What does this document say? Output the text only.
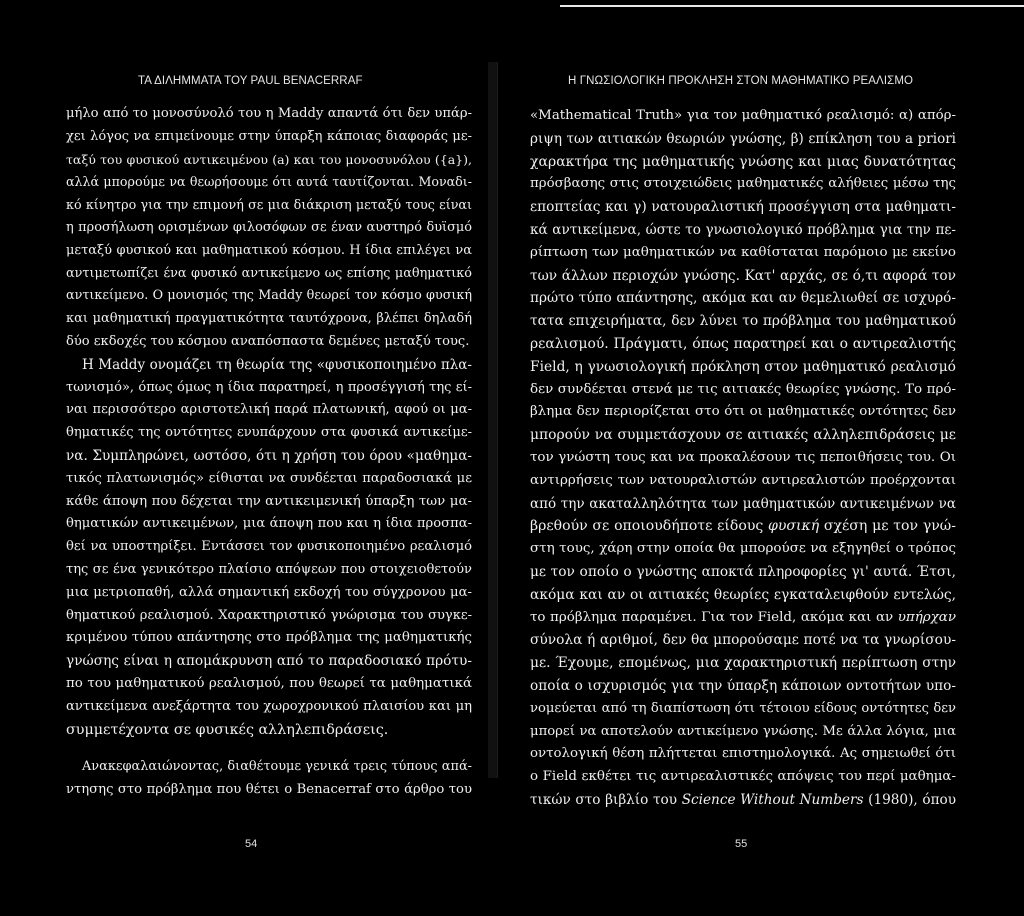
ΤΑ ΔΙΛΗΜΜΑΤΑ ΤΟΥ PAUL BENACERRAF
μήλο από το μονοσύνολό του η Maddy απαντά ότι δεν υπάρ-
χει λόγος να επιμείνουμε στην ύπαρξη κάποιας διαφοράς με-
ταξύ του φυσικού αντικειμένου (a) και του μονοσυνόλου ({a}),
αλλά μπορούμε να θεωρήσουμε ότι αυτά ταυτίζονται. Μοναδι-
κό κίνητρο για την επιμονή σε μια διάκριση μεταξύ τους είναι
η προσήλωση ορισμένων φιλοσόφων σε έναν αυστηρό δυϊσμό
μεταξύ φυσικού και μαθηματικού κόσμου. Η ίδια επιλέγει να
αντιμετωπίζει ένα φυσικό αντικείμενο ως επίσης μαθηματικό
αντικείμενο. Ο μονισμός της Maddy θεωρεί τον κόσμο φυσική
και μαθηματική πραγματικότητα ταυτόχρονα, βλέπει δηλαδή
δύο εκδοχές του κόσμου αναπόσπαστα δεμένες μεταξύ τους.
Η Maddy ονομάζει τη θεωρία της «φυσικοποιημένο πλα-
τωνισμό», όπως όμως η ίδια παρατηρεί, η προσέγγισή της εί-
ναι περισσότερο αριστοτελική παρά πλατωνική, αφού οι μα-
θηματικές της οντότητες ενυπάρχουν στα φυσικά αντικείμε-
να. Συμπληρώνει, ωστόσο, ότι η χρήση του όρου «μαθημα-
τικός πλατωνισμός» είθισται να συνδέεται παραδοσιακά με
κάθε άποψη που δέχεται την αντικειμενική ύπαρξη των μα-
θηματικών αντικειμένων, μια άποψη που και η ίδια προσπα-
θεί να υποστηρίξει. Εντάσσει τον φυσικοποιημένο ρεαλισμό
της σε ένα γενικότερο πλαίσιο απόψεων που στοιχειοθετούν
μια μετριοπαθή, αλλά σημαντική εκδοχή του σύγχρονου μα-
θηματικού ρεαλισμού. Χαρακτηριστικό γνώρισμα του συγκε-
κριμένου τύπου απάντησης στο πρόβλημα της μαθηματικής
γνώσης είναι η απομάκρυνση από το παραδοσιακό πρότυ-
πο του μαθηματικού ρεαλισμού, που θεωρεί τα μαθηματικά
αντικείμενα ανεξάρτητα του χωροχρονικού πλαισίου και μη
συμμετέχοντα σε φυσικές αλληλεπιδράσεις.
Ανακεφαλαιώνοντας, διαθέτουμε γενικά τρεις τύπους απά-
ντησης στο πρόβλημα που θέτει ο Benacerraf στο άρθρο του
54
Η ΓΝΩΣΙΟΛΟΓΙΚΗ ΠΡΟΚΛΗΣΗ ΣΤΟΝ ΜΑΘΗΜΑΤΙΚΟ ΡΕΑΛΙΣΜΟ
«Mathematical Truth» για τον μαθηματικό ρεαλισμό: α) απόρ-
ριψη των αιτιακών θεωριών γνώσης, β) επίκληση του a priori
χαρακτήρα της μαθηματικής γνώσης και μιας δυνατότητας
πρόσβασης στις στοιχειώδεις μαθηματικές αλήθειες μέσω της
εποπτείας και γ) νατουραλιστική προσέγγιση στα μαθηματι-
κά αντικείμενα, ώστε το γνωσιολογικό πρόβλημα για την πε-
ρίπτωση των μαθηματικών να καθίσταται παρόμοιο με εκείνο
των άλλων περιοχών γνώσης. Κατ' αρχάς, σε ό,τι αφορά τον
πρώτο τύπο απάντησης, ακόμα και αν θεμελιωθεί σε ισχυρό-
τατα επιχειρήματα, δεν λύνει το πρόβλημα του μαθηματικού
ρεαλισμού. Πράγματι, όπως παρατηρεί και ο αντιρεαλιστής
Field, η γνωσιολογική πρόκληση στον μαθηματικό ρεαλισμό
δεν συνδέεται στενά με τις αιτιακές θεωρίες γνώσης. Το πρό-
βλημα δεν περιορίζεται στο ότι οι μαθηματικές οντότητες δεν
μπορούν να συμμετάσχουν σε αιτιακές αλληλεπιδράσεις με
τον γνώστη τους και να προκαλέσουν τις πεποιθήσεις του. Οι
αντιρρήσεις των νατουραλιστών αντιρεαλιστών προέρχονται
από την ακαταλληλότητα των μαθηματικών αντικειμένων να
βρεθούν σε οποιουδήποτε είδους φυσική σχέση με τον γνώ-
στη τους, χάρη στην οποία θα μπορούσε να εξηγηθεί ο τρόπος
με τον οποίο ο γνώστης αποκτά πληροφορίες γι' αυτά. Έτσι,
ακόμα και αν οι αιτιακές θεωρίες εγκαταλειφθούν εντελώς,
το πρόβλημα παραμένει. Για τον Field, ακόμα και αν υπήρχαν
σύνολα ή αριθμοί, δεν θα μπορούσαμε ποτέ να τα γνωρίσου-
με. Έχουμε, επομένως, μια χαρακτηριστική περίπτωση στην
οποία ο ισχυρισμός για την ύπαρξη κάποιων οντοτήτων υπο-
νομεύεται από τη διαπίστωση ότι τέτοιου είδους οντότητες δεν
μπορεί να αποτελούν αντικείμενο γνώσης. Με άλλα λόγια, μια
οντολογική θέση πλήττεται επιστημολογικά. Ας σημειωθεί ότι
ο Field εκθέτει τις αντιρεαλιστικές απόψεις του περί μαθημα-
τικών στο βιβλίο του Science Without Numbers (1980), όπου
55
